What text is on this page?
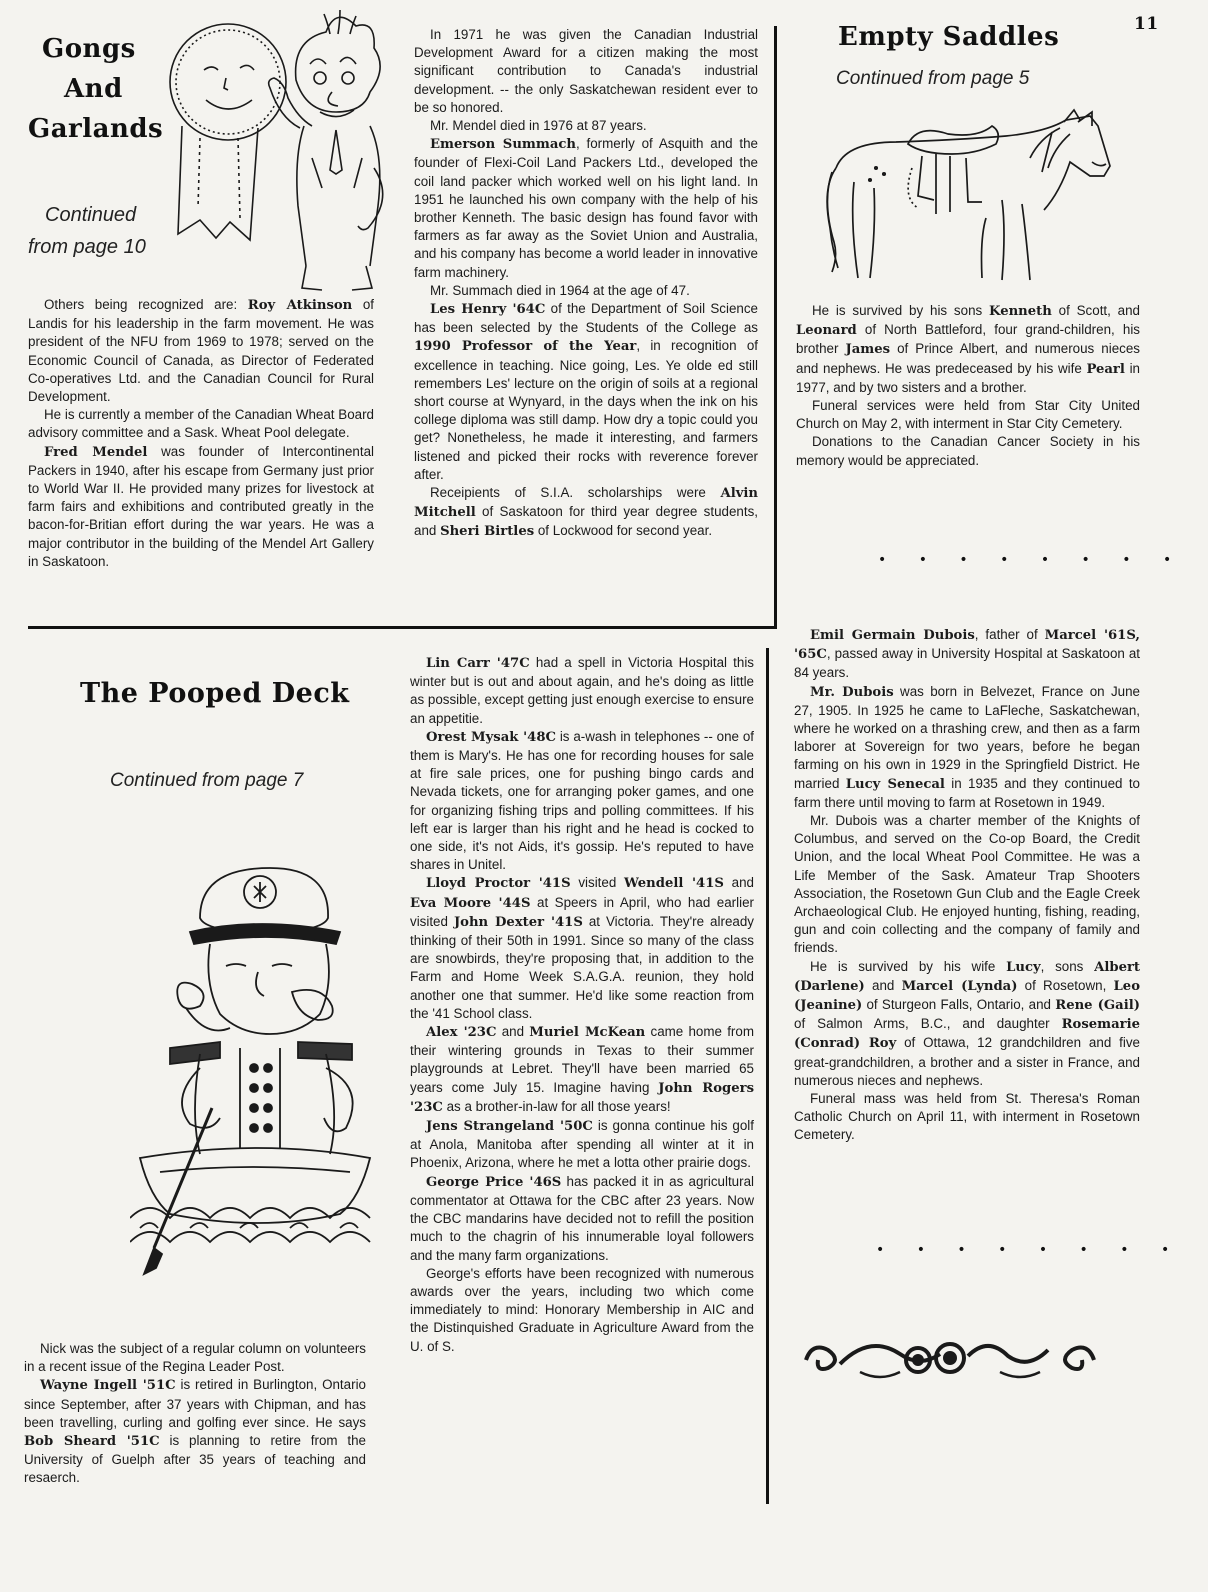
11
Gongs
And
Garlands
Continued
from page 10

Others being recognized are: Roy Atkinson of Landis for his leadership in the farm movement. He was president of the NFU from 1969 to 1978; served on the Economic Council of Canada, as Director of Federated Co-operatives Ltd. and the Canadian Council for Rural Development.

He is currently a member of the Canadian Wheat Board advisory committee and a Sask. Wheat Pool delegate.

Fred Mendel was founder of Intercontinental Packers in 1940, after his escape from Germany just prior to World War II. He provided many prizes for livestock at farm fairs and exhibitions and contributed greatly in the bacon-for-Britian effort during the war years. He was a major contributor in the building of the Mendel Art Gallery in Saskatoon.

In 1971 he was given the Canadian Industrial Development Award for a citizen making the most significant contribution to Canada's industrial development. -- the only Saskatchewan resident ever to be so honored.

Mr. Mendel died in 1976 at 87 years.

Emerson Summach, formerly of Asquith and the founder of Flexi-Coil Land Packers Ltd., developed the coil land packer which worked well on his light land. In 1951 he launched his own company with the help of his brother Kenneth. The basic design has found favor with farmers as far away as the Soviet Union and Australia, and his company has become a world leader in innovative farm machinery.

Mr. Summach died in 1964 at the age of 47.

Les Henry '64C of the Department of Soil Science has been selected by the Students of the College as 1990 Professor of the Year, in recognition of excellence in teaching. Nice going, Les. Ye olde ed still remembers Les' lecture on the origin of soils at a regional short course at Wynyard, in the days when the ink on his college diploma was still damp. How dry a topic could you get? Nonetheless, he made it interesting, and farmers listened and picked their rocks with reverence forever after.

Receipients of S.I.A. scholarships were Alvin Mitchell of Saskatoon for third year degree students, and Sheri Birtles of Lockwood for second year.

Empty Saddles
Continued from page 5

He is survived by his sons Kenneth of Scott, and Leonard of North Battleford, four grand-children, his brother James of Prince Albert, and numerous nieces and nephews. He was predeceased by his wife Pearl in 1977, and by two sisters and a brother.

Funeral services were held from Star City United Church on May 2, with interment in Star City Cemetery.

Donations to the Canadian Cancer Society in his memory would be appreciated.

• • • • • • • •
The Pooped Deck
Continued from page 7

Nick was the subject of a regular column on volunteers in a recent issue of the Regina Leader Post.

Wayne Ingell '51C is retired in Burlington, Ontario since September, after 37 years with Chipman, and has been travelling, curling and golfing ever since. He says Bob Sheard '51C is planning to retire from the University of Guelph after 35 years of teaching and resaerch.

Lin Carr '47C had a spell in Victoria Hospital this winter but is out and about again, and he's doing as little as possible, except getting just enough exercise to ensure an appetitie.

Orest Mysak '48C is a-wash in telephones -- one of them is Mary's. He has one for recording houses for sale at fire sale prices, one for pushing bingo cards and Nevada tickets, one for arranging poker games, and one for organizing fishing trips and polling committees. If his left ear is larger than his right and he head is cocked to one side, it's not Aids, it's gossip. He's reputed to have shares in Unitel.

Lloyd Proctor '41S visited Wendell '41S and Eva Moore '44S at Speers in April, who had earlier visited John Dexter '41S at Victoria. They're already thinking of their 50th in 1991. Since so many of the class are snowbirds, they're proposing that, in addition to the Farm and Home Week S.A.G.A. reunion, they hold another one that summer. He'd like some reaction from the '41 School class.

Alex '23C and Muriel McKean came home from their wintering grounds in Texas to their summer playgrounds at Lebret. They'll have been married 65 years come July 15. Imagine having John Rogers '23C as a brother-in-law for all those years!

Jens Strangeland '50C is gonna continue his golf at Anola, Manitoba after spending all winter at it in Phoenix, Arizona, where he met a lotta other prairie dogs.

George Price '46S has packed it in as agricultural commentator at Ottawa for the CBC after 23 years. Now the CBC mandarins have decided not to refill the position much to the chagrin of his innumerable loyal followers and the many farm organizations.

George's efforts have been recognized with numerous awards over the years, including two which come immediately to mind: Honorary Membership in AIC and the Distinquished Graduate in Agriculture Award from the U. of S.

Emil Germain Dubois, father of Marcel '61S, '65C, passed away in University Hospital at Saskatoon at 84 years.

Mr. Dubois was born in Belvezet, France on June 27, 1905. In 1925 he came to LaFleche, Saskatchewan, where he worked on a thrashing crew, and then as a farm laborer at Sovereign for two years, before he began farming on his own in 1929 in the Springfield District. He married Lucy Senecal in 1935 and they continued to farm there until moving to farm at Rosetown in 1949.

Mr. Dubois was a charter member of the Knights of Columbus, and served on the Co-op Board, the Credit Union, and the local Wheat Pool Committee. He was a Life Member of the Sask. Amateur Trap Shooters Association, the Rosetown Gun Club and the Eagle Creek Archaeological Club. He enjoyed hunting, fishing, reading, gun and coin collecting and the company of family and friends.

He is survived by his wife Lucy, sons Albert (Darlene) and Marcel (Lynda) of Rosetown, Leo (Jeanine) of Sturgeon Falls, Ontario, and Rene (Gail) of Salmon Arms, B.C., and daughter Rosemarie (Conrad) Roy of Ottawa, 12 grandchildren and five great-grandchildren, a brother and a sister in France, and numerous nieces and nephews.

Funeral mass was held from St. Theresa's Roman Catholic Church on April 11, with interment in Rosetown Cemetery.

• • • • • • • •
